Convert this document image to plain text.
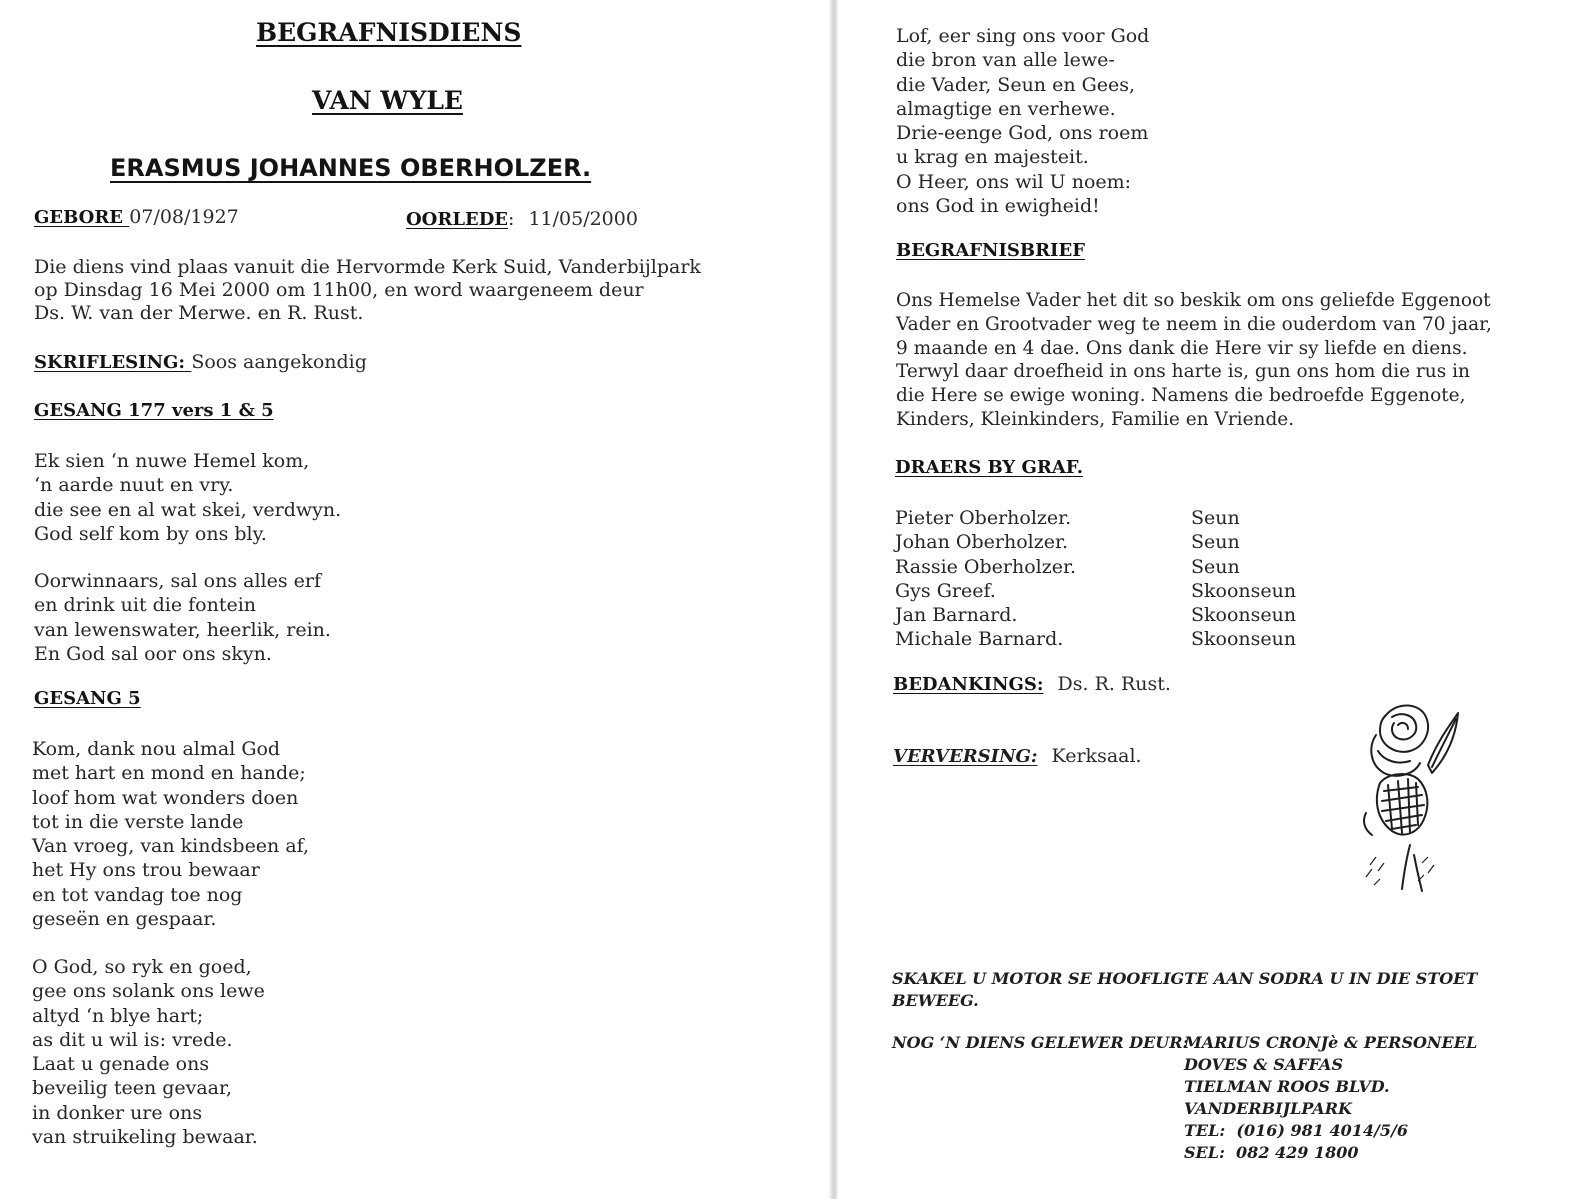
BEGRAFNISDIENS
VAN WYLE
ERASMUS JOHANNES OBERHOLZER.
GEBORE 07/08/1927	OORLEDE: 11/05/2000
Die diens vind plaas vanuit die Hervormde Kerk Suid, Vanderbijlpark
op Dinsdag 16 Mei 2000 om 11h00, en word waargeneem deur
Ds. W. van der Merwe. en R. Rust.
SKRIFLESING: Soos aangekondig
GESANG 177 vers 1 & 5
Ek sien ‘n nuwe Hemel kom,
‘n aarde nuut en vry.
die see en al wat skei, verdwyn.
God self kom by ons bly.
Oorwinnaars, sal ons alles erf
en drink uit die fontein
van lewenswater, heerlik, rein.
En God sal oor ons skyn.
GESANG 5
Kom, dank nou almal God
met hart en mond en hande;
loof hom wat wonders doen
tot in die verste lande
Van vroeg, van kindsbeen af,
het Hy ons trou bewaar
en tot vandag toe nog
geseën en gespaar.
O God, so ryk en goed,
gee ons solank ons lewe
altyd ‘n blye hart;
as dit u wil is: vrede.
Laat u genade ons
beveilig teen gevaar,
in donker ure ons
van struikeling bewaar.
Lof, eer sing ons voor God
die bron van alle lewe-
die Vader, Seun en Gees,
almagtige en verhewe.
Drie-eenge God, ons roem
u krag en majesteit.
O Heer, ons wil U noem:
ons God in ewigheid!
BEGRAFNISBRIEF
Ons Hemelse Vader het dit so beskik om ons geliefde Eggenoot
Vader en Grootvader weg te neem in die ouderdom van 70 jaar,
9 maande en 4 dae. Ons dank die Here vir sy liefde en diens.
Terwyl daar droefheid in ons harte is, gun ons hom die rus in
die Here se ewige woning. Namens die bedroefde Eggenote,
Kinders, Kleinkinders, Familie en Vriende.
DRAERS BY GRAF.
Pieter Oberholzer.	Seun
Johan Oberholzer.	Seun
Rassie Oberholzer.	Seun
Gys Greef.	Skoonseun
Jan Barnard.	Skoonseun
Michale Barnard.	Skoonseun
BEDANKINGS: Ds. R. Rust.
VERVERSING: Kerksaal.
SKAKEL U MOTOR SE HOOFLIGTE AAN SODRA U IN DIE STOET
BEWEEG.
NOG ‘N DIENS GELEWER DEUR:
MARIUS CRONJè & PERSONEEL
DOVES & SAFFAS
TIELMAN ROOS BLVD.
VANDERBIJLPARK
TEL:  (016) 981 4014/5/6
SEL:  082 429 1800
